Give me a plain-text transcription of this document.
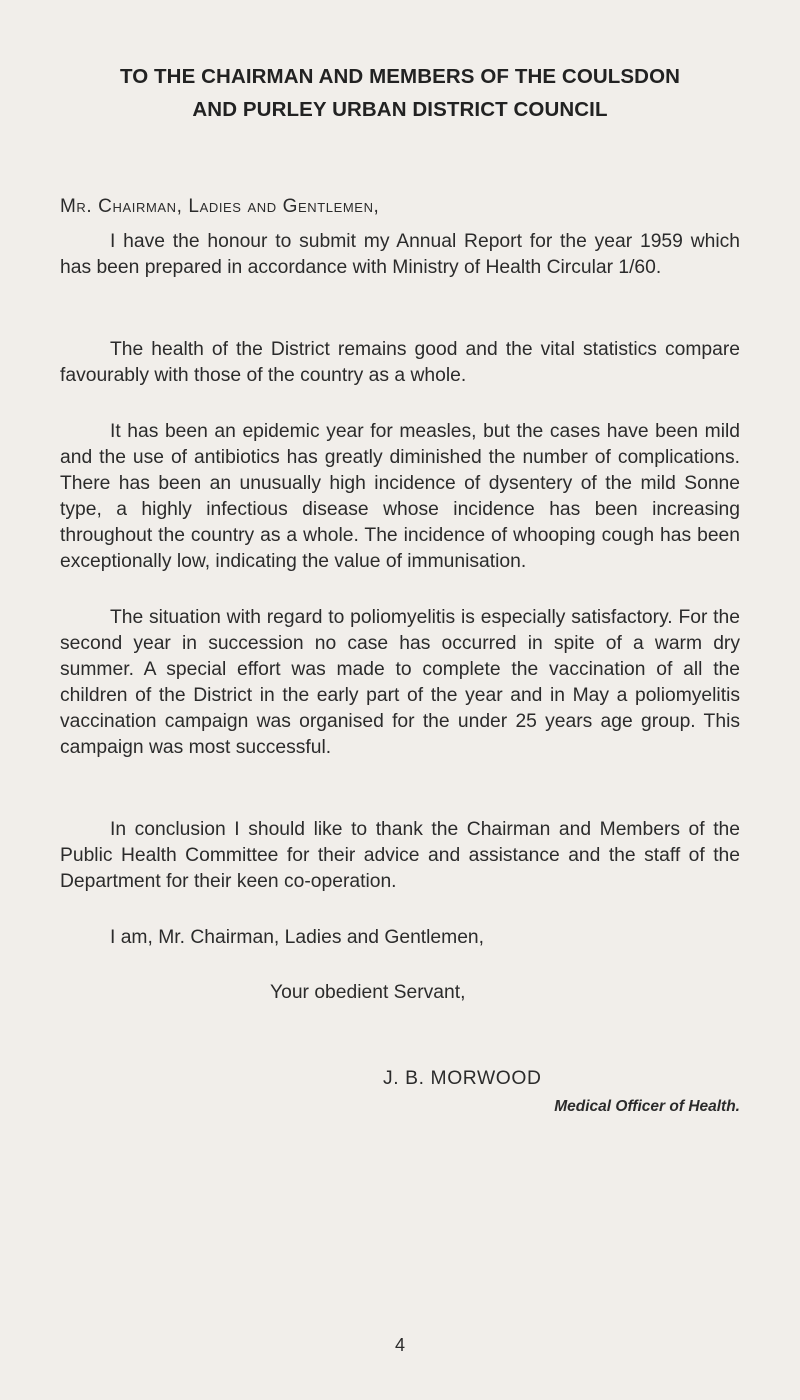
TO THE CHAIRMAN AND MEMBERS OF THE COULSDON
AND PURLEY URBAN DISTRICT COUNCIL
Mr. Chairman, Ladies and Gentlemen,
I have the honour to submit my Annual Report for the year 1959 which has been prepared in accordance with Ministry of Health Circular 1/60.
The health of the District remains good and the vital statistics compare favourably with those of the country as a whole.
It has been an epidemic year for measles, but the cases have been mild and the use of antibiotics has greatly diminished the number of complications. There has been an unusually high incidence of dysentery of the mild Sonne type, a highly infectious disease whose incidence has been increasing throughout the country as a whole. The incidence of whooping cough has been exceptionally low, indicating the value of immunisation.
The situation with regard to poliomyelitis is especially satisfactory. For the second year in succession no case has occurred in spite of a warm dry summer. A special effort was made to complete the vaccination of all the children of the District in the early part of the year and in May a poliomyelitis vaccination campaign was organised for the under 25 years age group. This campaign was most successful.
In conclusion I should like to thank the Chairman and Members of the Public Health Committee for their advice and assistance and the staff of the Department for their keen co-operation.
I am, Mr. Chairman, Ladies and Gentlemen,
Your obedient Servant,
J. B. MORWOOD
Medical Officer of Health.
4
